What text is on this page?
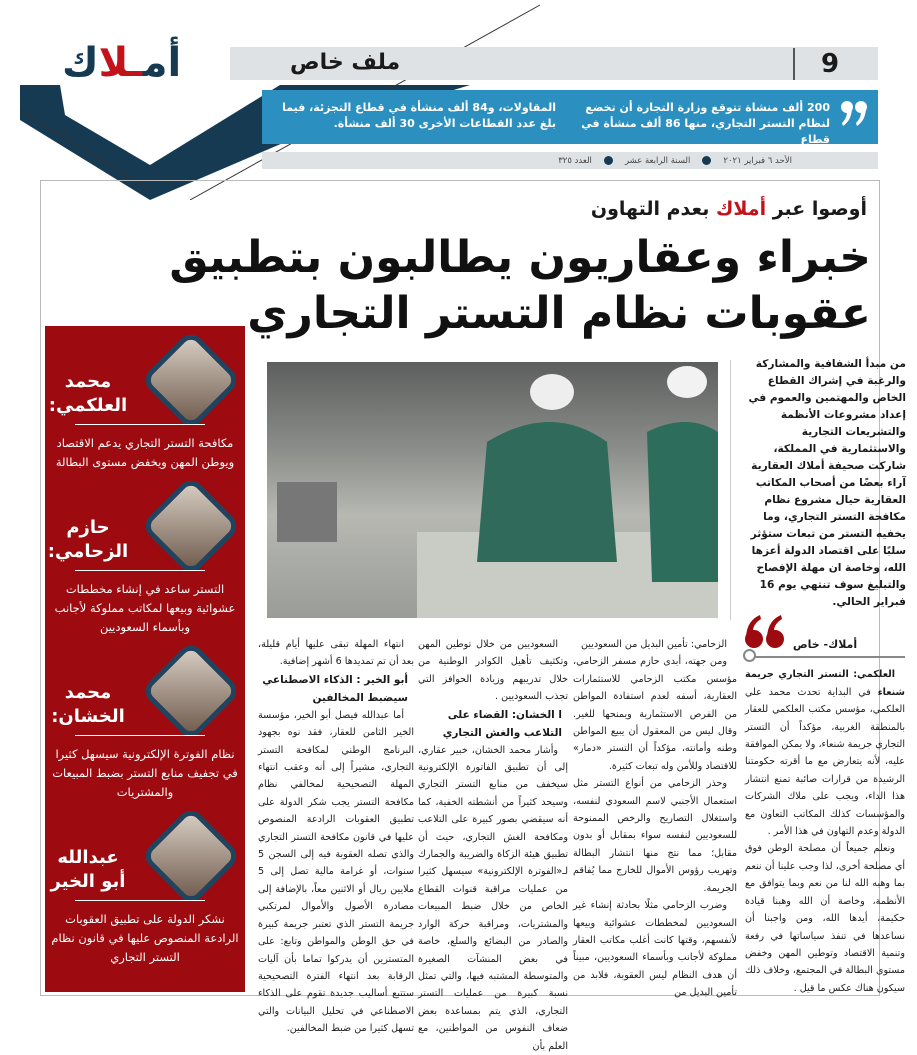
أمـلاك	ملف خاص	9
200 ألف منشاة تتوقع وزارة التجارة أن تخضع لنظام التستر التجاري، منها 86 ألف منشأة في قطاع
المقاولات، و84 ألف منشأة في قطاع التجزئة، فيما بلغ عدد القطاعات الأخرى 30 ألف منشأة.
الأحد ٦ فبراير ٢٠٢١
السنة الرابعة عشر
العدد ٣٢٥
أوصوا عبر أملاك بعدم التهاون
خبراء وعقاريون يطالبون بتطبيق عقوبات نظام التستر التجاري
محمد
العلكمي:
مكافحة التستر التجاري يدعم الاقتصاد ويوطن المهن ويخفض مستوى البطالة
حازم
الزحامي:
التستر ساعد في إنشاء مخططات عشوائية وبيعها لمكاتب مملوكة لأجانب وبأسماء السعوديين
محمد
الخشان:
نظام الفوترة الإلكترونية سيسهل كثيرا في تجفيف منابع التستر بضبط المبيعات والمشتريات
عبدالله
أبو الخير
نشكر الدولة على تطبيق العقوبات الرادعة المنصوص عليها في قانون نظام التستر التجاري
من مبدأ الشفافية والمشاركة والرغبة في إشراك القطاع الخاص والمهتمين والعموم في إعداد مشروعات الأنظمة والتشريعات التجارية والاستثمارية في المملكة، شاركت صحيفة أملاك العقارية آراء بعضًا من أصحاب المكاتب العقارية حيال مشروع نظام مكافحة التستر التجاري، وما يخفيه التستر من تبعات ستؤثر سلبًا على اقتصاد الدولة أعزها الله، وخاصة ان مهلة الإفصاح والتبليغ سوف تنتهي يوم 16 فبراير الحالي.
أملاك- خاص

العلكمي: التستر التجاري جريمة شنعاء في البداية تحدث محمد علي العلكمي، مؤسس مكتب العلكمي للعقار بالمنطقة الغربية، مؤكداً أن التستر التجاري جريمة شنعاء، ولا يمكن الموافقة عليه، لأنه يتعارض مع ما أقرته حكومتنا الرشيدة من قرارات صائبة تمنع انتشار هذا الداء، ويجب على ملاك الشركات والمؤسسات كذلك المكاتب التعاون مع الدولة وعدم التهاون في هذا الأمر .

ونعلم جميعاً أن مصلحة الوطن فوق أي مصلحة أخرى، لذا وجب علينا أن ننعم بما وهبه الله لنا من نعم وبما يتوافق مع الأنظمة، وخاصة أن الله وهبنا قيادة حكيمة، أيدها الله، ومن واجبنا أن نساعدها في تنفذ سياساتها في رفعة وتنمية الاقتصاد وتوطين المهن وخفض مستوى البطالة في المجتمع، وخلاف ذلك سيكون هناك عكس ما قيل .

الزحامي: تأمين البديل من السعوديين

ومن جهته، أبدى حازم مسفر الزحامي، مؤسس مكتب الزحامي للاستثمارات العقارية، أسفه لعدم استفادة المواطن من الفرص الاستثمارية ويمنحها للغير. وقال ليس من المعقول أن يبيع المواطن وطنه وأمانته، مؤكداً أن التستر «دمار» للاقتصاد وللأمن وله تبعات كثيرة.

وحذر الزحامي من أنواع التستر مثل استعمال الأجنبي لاسم السعودي لنفسه، واستغلال التصاريح والرخص الممنوحة للسعوديين لنفسه سواء بمقابل أو بدون مقابل؛ مما نتج منها انتشار البطالة وتهريب رؤوس الأموال للخارج مما يُفاقم الجريمة.

وضرب الزحامي مثلًا بحادثة إنشاء غير السعوديين لمخططات عشوائية وبيعها لأنفسهم، وقتها كانت أغلب مكاتب العقار مملوكة لأجانب وبأسماء السعوديين، مبيناً أن هدف النظام ليس العقوبة، فلابد من تأمين البديل من

السعوديين من خلال توطين المهن وتكثيف تأهيل الكوادر الوطنية من خلال تدريبهم وزيادة الحوافز التي تجذب السعوديين .

ا الخشان: القضاء على التلاعب والغش التجاري

وأشار محمد الخشان، خبير عقاري، إلى أن تطبيق الفاتورة الإلكترونية سيخفف من منابع التستر التجاري وسيحد كثيراً من أنشطته الخفية، كما أنه سيقضي بصور كبيرة على التلاعب ومكافحة الغش التجاري، حيث أن تطبيق هيئة الزكاة والضريبة والجمارك لـ«الفوترة الإلكترونية» سيسهل كثيرا من عمليات مراقبة قنوات القطاع الخاص من خلال ضبط المبيعات والمشتريات، ومراقبة حركة الوارد والصادر من البضائع والسلع، خاصة في بعض المنشآت الصغيرة والمتوسطة المشتبه فيها، والتي تمثل نسبة كبيرة من عمليات التستر التجاري، الذي يتم بمساعدة بعض ضعاف النفوس من المواطنين، مع العلم بأن

انتهاء المهلة تبقى عليها أيام قليلة، بعد أن تم تمديدها 6 أشهر إضافية.

أبو الخير : الذكاء الاصطناعي سيضبط المخالفين

أما عبدالله فيصل أبو الخير، مؤسسة الخير الثامن للعقار، فقد نوه بجهود البرنامج الوطني لمكافحة التستر التجاري، مشيراً إلى أنه وعقب انتهاء المهلة التصحيحية لمخالفي نظام مكافحة التستر يجب شكر الدولة على تطبيق العقوبات الرادعة المنصوص عليها في قانون مكافحة التستر التجاري والذي تصله العقوبة فيه إلى السجن 5 سنوات، أو غرامة مالية تصل إلى 5 ملايين ريال أو الاثنين معاً، بالإضافة إلى مصادرة الأصول والأموال لمرتكبي جريمة التستر الذي تعتبر جريمة كبيرة في حق الوطن والمواطن وتابع: على المتسترين أن يدركوا تماما بأن آليات الرقابة بعد انتهاء الفترة التصحيحية ستتبع أساليب جديدة تقوم على الذكاء الاصطناعي في تحليل البيانات والتي تسهل كثيرا من ضبط المخالفين.
